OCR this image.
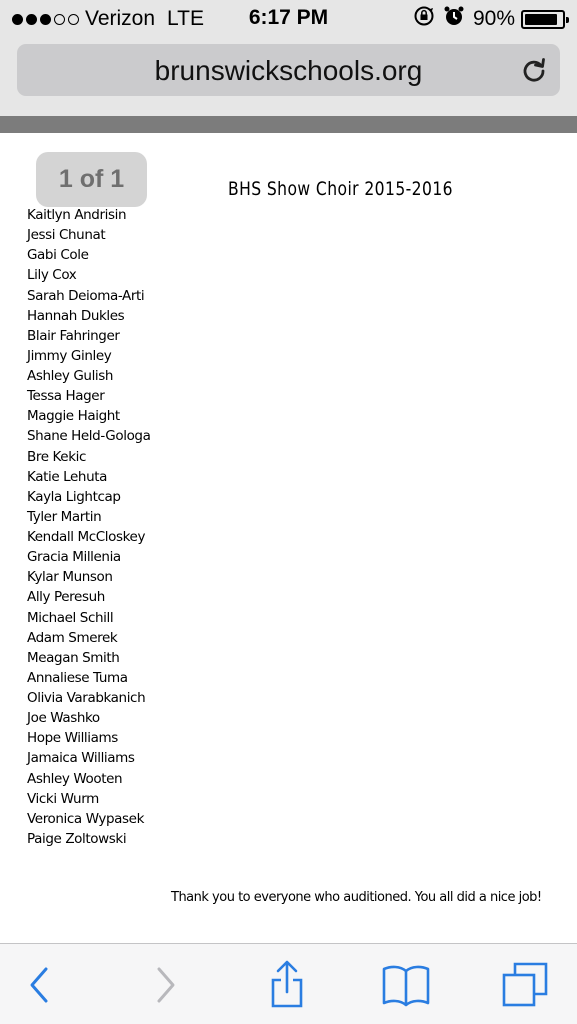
Verizon LTE	6:17 PM	90%
brunswickschools.org
1 of 1	BHS Show Choir 2015-2016
Kaitlyn Andrisin
Jessi Chunat
Gabi Cole
Lily Cox
Sarah Deioma-Arti
Hannah Dukles
Blair Fahringer
Jimmy Ginley
Ashley Gulish
Tessa Hager
Maggie Haight
Shane Held-Gologa
Bre Kekic
Katie Lehuta
Kayla Lightcap
Tyler Martin
Kendall McCloskey
Gracia Millenia
Kylar Munson
Ally Peresuh
Michael Schill
Adam Smerek
Meagan Smith
Annaliese Tuma
Olivia Varabkanich
Joe Washko
Hope Williams
Jamaica Williams
Ashley Wooten
Vicki Wurm
Veronica Wypasek
Paige Zoltowski
Thank you to everyone who auditioned. You all did a nice job!
